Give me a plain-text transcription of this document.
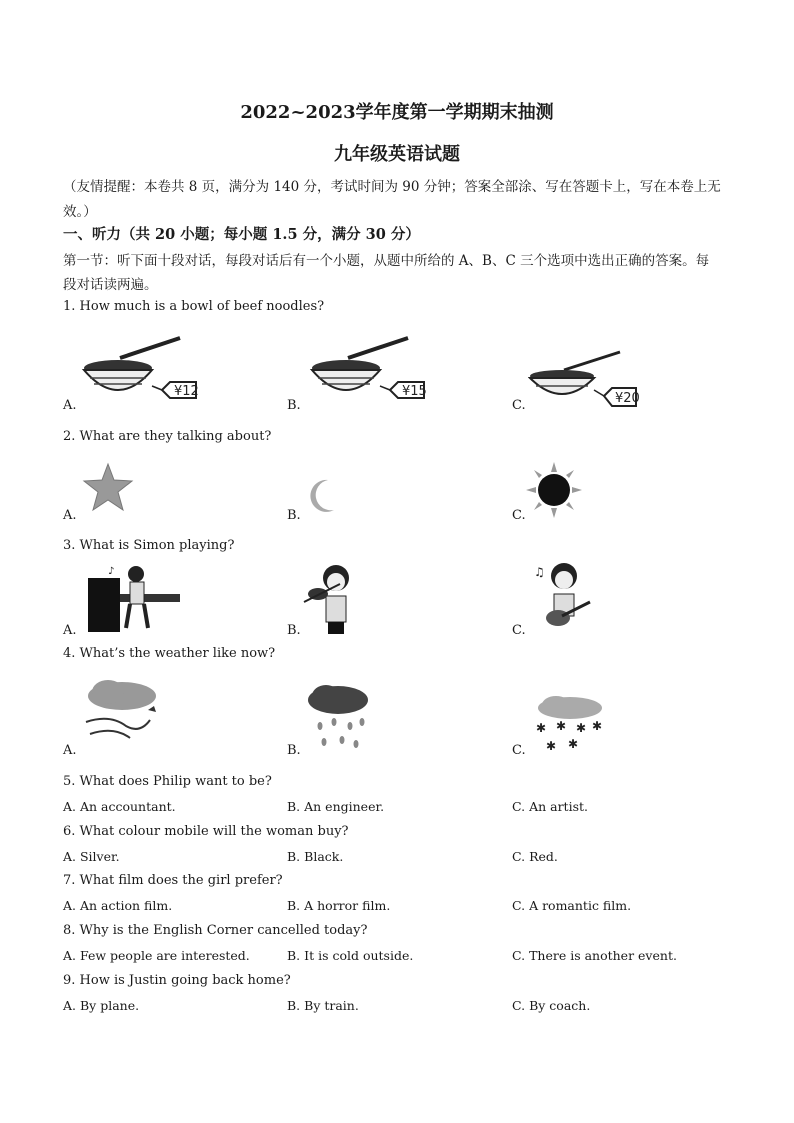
2022~2023学年度第一学期期末抽测
九年级英语试题
（友情提醒：本卷共 8 页，满分为 140 分，考试时间为 90 分钟；答案全部涂、写在答题卡上，写在本卷上无
效。）
一、听力（共 20 小题；每小题 1.5 分，满分 30 分）
第一节：听下面十段对话，每段对话后有一个小题，从题中所给的 A、B、C 三个选项中选出正确的答案。每
段对话读两遍。
1. How much is a bowl of beef noodles?
A.	B.	C.
¥12	¥15	¥20
2. What are they talking about?
A.	B.	C.
3. What is Simon playing?
A.	B.	C.
♪	♫
4. What’s the weather like now?
A.	B.	C.
✱ ✱ ✱ ✱
✱ ✱
5. What does Philip want to be?
A. An accountant.	B. An engineer.	C. An artist.
6. What colour mobile will the woman buy?
A. Silver.	B. Black.	C. Red.
7. What film does the girl prefer?
A. An action film.	B. A horror film.	C. A romantic film.
8. Why is the English Corner cancelled today?
A. Few people are interested.	B. It is cold outside.	C. There is another event.
9. How is Justin going back home?
A. By plane.	B. By train.	C. By coach.
